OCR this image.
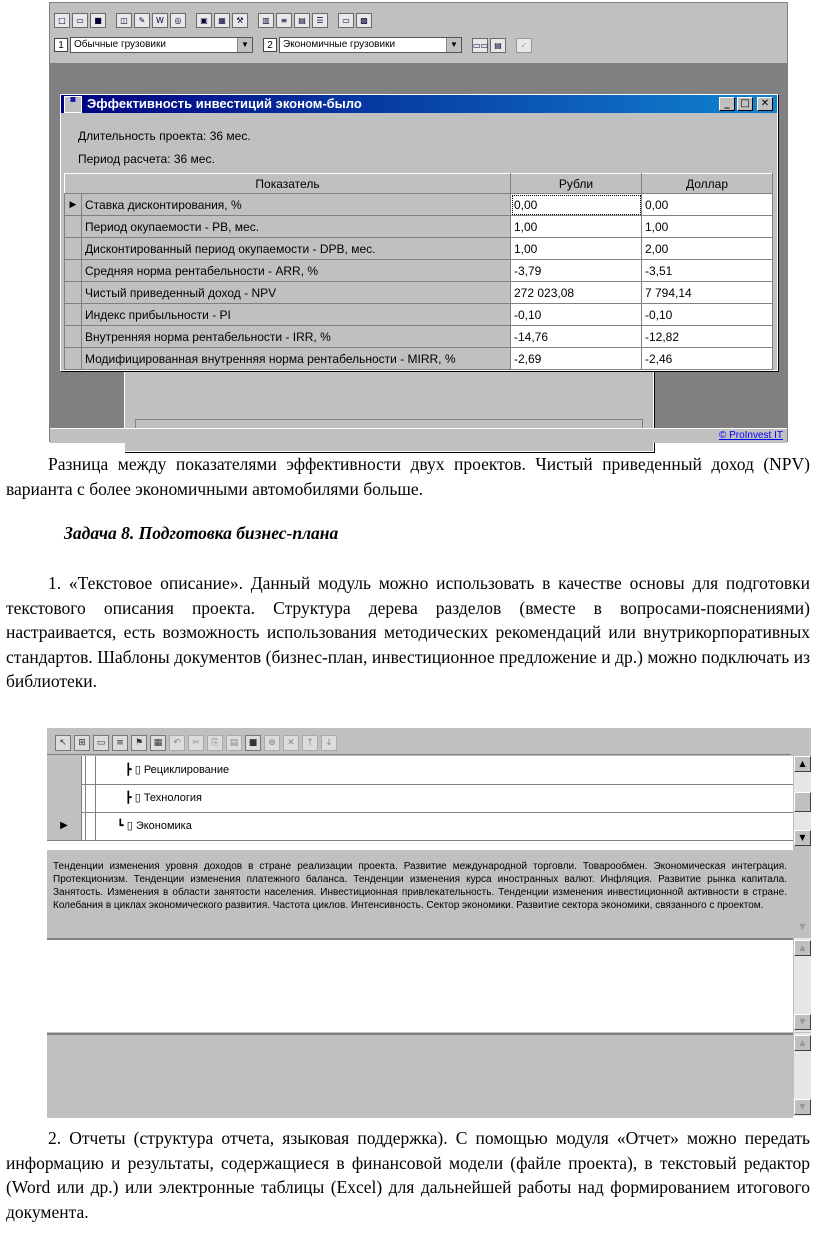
□	▭	■	◫	✎	W	◎	▣	▦	⚒	▥	≡	▤	☰	▭	▩
1	Обычные грузовики	▼	2	Экономичные грузовики	▼	▭▭ ▤	✓
▦ Эффективность инвестиций эконом-было	_	□	✕
Длительность проекта: 36 мес.
Период расчета: 36 мес.
Показатель		Рубли	Доллар
▶	Ставка дисконтирования, %	0,00	0,00
	Период окупаемости - PB, мес.	1,00	1,00
	Дисконтированный период окупаемости - DPB, мес.	1,00	2,00
	Средняя норма рентабельности - ARR, %	-3,79	-3,51
	Чистый приведенный доход - NPV	272 023,08	7 794,14
	Индекс прибыльности - PI	-0,10	-0,10
	Внутренняя норма рентабельности - IRR, %	-14,76	-12,82
	Модифицированная внутренняя норма рентабельности - MIRR, %	-2,69	-2,46
© ProInvest IT
Разница между показателями эффективности двух проектов. Чистый приведенный доход (NPV) варианта с более экономичными автомобилями больше.
Задача 8. Подготовка бизнес-плана
1. «Текстовое описание». Данный модуль можно использовать в качестве основы для подготовки текстового описания проекта. Структура дерева разделов (вместе в вопросами-пояснениями) настраивается, есть возможность использования методических рекомендаций или внутрикорпоративных стандартов. Шаблоны документов (бизнес-план, инвестиционное предложение и др.) можно подключать из библиотеки.
↖	⊞	▭	≡	⚑	▦	↶	✂	⎘	▤	■	⊕	✕	↑	↓
┣ ▯ Рециклирование
┣ ▯ Технология
▶	┗ ▯ Экономика
▲
▼
Тенденции изменения уровня доходов в стране реализации проекта. Развитие международной торговли. Товарообмен. Экономическая интеграция. Протекционизм. Тенденции изменения платежного баланса. Тенденции изменения курса иностранных валют. Инфляция. Развитие рынка капитала. Занятость. Изменения в области занятости населения. Инвестиционная привлекательность. Тенденции изменения инвестиционной активности в стране. Колебания в циклах экономического развития. Частота циклов. Интенсивность. Сектор экономики. Развитие сектора экономики, связанного с проектом.
▼
▲
▼
▲
▼
2. Отчеты (структура отчета, языковая поддержка). С помощью модуля «Отчет» можно передать информацию и результаты, содержащиеся в финансовой модели (файле проекта), в текстовый редактор (Word или др.) или электронные таблицы (Excel) для дальнейшей работы над формированием итогового документа.
